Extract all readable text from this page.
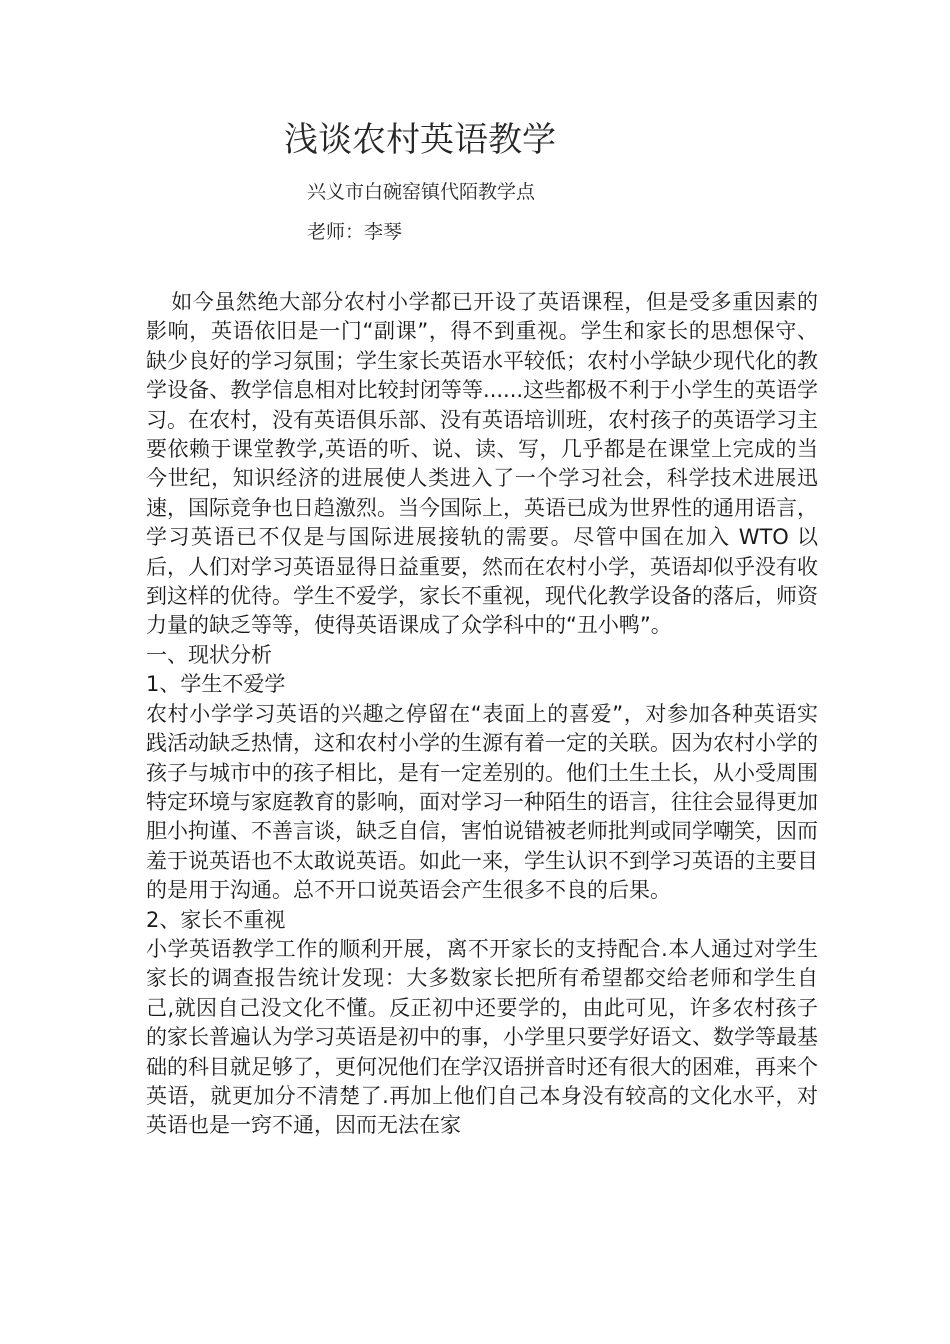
浅谈农村英语教学
兴义市白碗窑镇代陌教学点
老师：李琴

如今虽然绝大部分农村小学都已开设了英语课程，但是受多重因素的影响，英语依旧是一门“副课”，得不到重视。学生和家长的思想保守、缺少良好的学习氛围；学生家长英语水平较低；农村小学缺少现代化的教学设备、教学信息相对比较封闭等等......这些都极不利于小学生的英语学习。在农村，没有英语俱乐部、没有英语培训班，农村孩子的英语学习主要依赖于课堂教学,英语的听、说、读、写，几乎都是在课堂上完成的当今世纪，知识经济的进展使人类进入了一个学习社会，科学技术进展迅速，国际竞争也日趋激烈。当今国际上，英语已成为世界性的通用语言，学习英语已不仅是与国际进展接轨的需要。尽管中国在加入 WTO 以后，人们对学习英语显得日益重要，然而在农村小学，英语却似乎没有收到这样的优待。学生不爱学，家长不重视，现代化教学设备的落后，师资力量的缺乏等等，使得英语课成了众学科中的“丑小鸭”。

一、现状分析

1、学生不爱学

农村小学学习英语的兴趣之停留在“表面上的喜爱”，对参加各种英语实践活动缺乏热情，这和农村小学的生源有着一定的关联。因为农村小学的孩子与城市中的孩子相比，是有一定差别的。他们土生土长，从小受周围特定环境与家庭教育的影响，面对学习一种陌生的语言，往往会显得更加胆小拘谨、不善言谈，缺乏自信，害怕说错被老师批判或同学嘲笑，因而羞于说英语也不太敢说英语。如此一来，学生认识不到学习英语的主要目的是用于沟通。总不开口说英语会产生很多不良的后果。

2、家长不重视

小学英语教学工作的顺利开展，离不开家长的支持配合.本人通过对学生家长的调查报告统计发现：大多数家长把所有希望都交给老师和学生自己,就因自己没文化不懂。反正初中还要学的，由此可见，许多农村孩子的家长普遍认为学习英语是初中的事，小学里只要学好语文、数学等最基础的科目就足够了，更何况他们在学汉语拼音时还有很大的困难，再来个英语，就更加分不清楚了.再加上他们自己本身没有较高的文化水平，对英语也是一窍不通，因而无法在家
